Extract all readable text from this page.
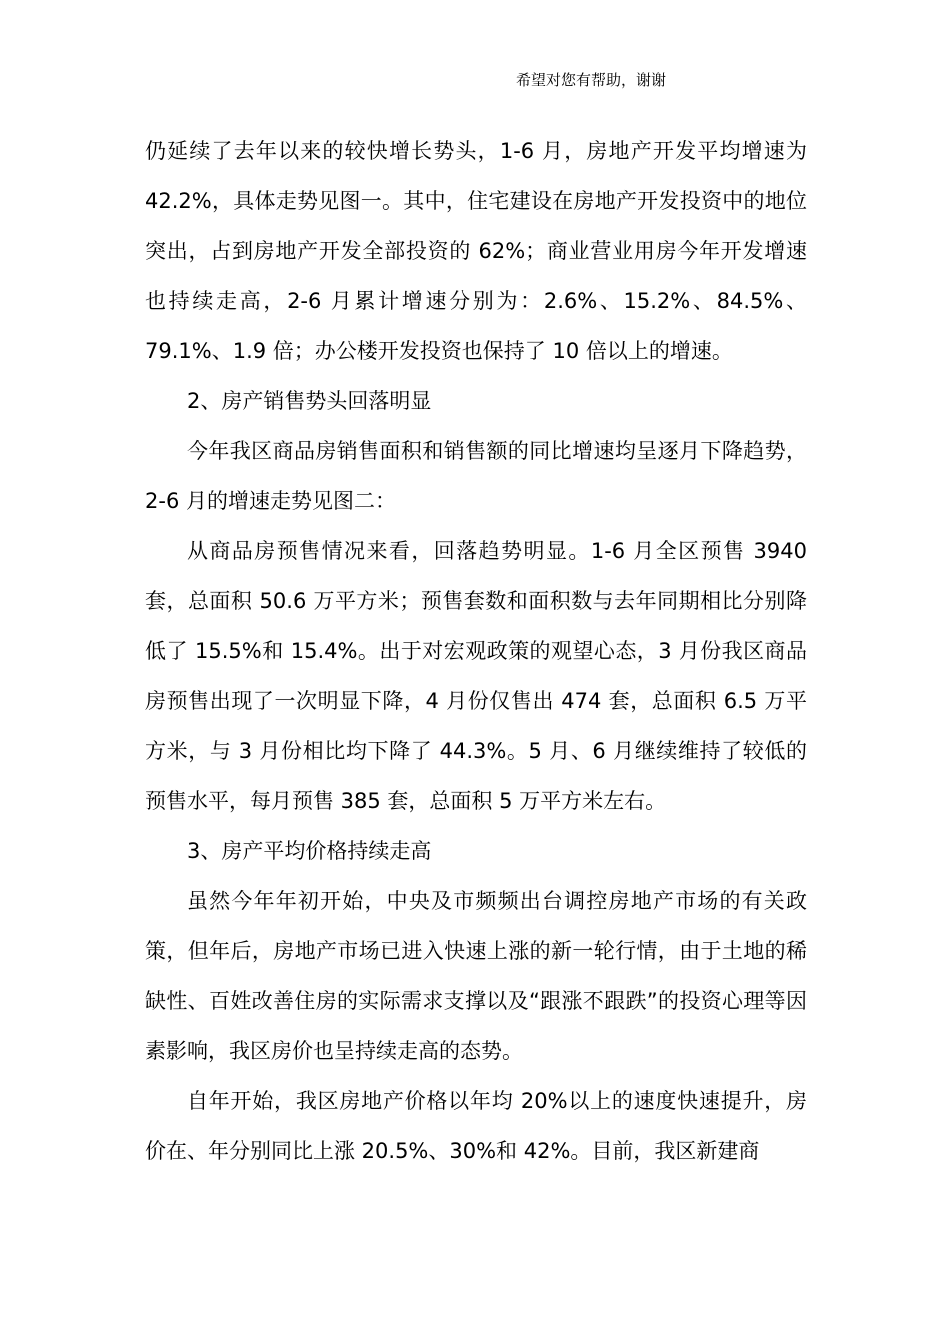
希望对您有帮助，谢谢

仍延续了去年以来的较快增长势头，1-6 月，房地产开发平均增速为 42.2%，具体走势见图一。其中，住宅建设在房地产开发投资中的地位突出，占到房地产开发全部投资的 62%；商业营业用房今年开发增速也持续走高，2-6 月累计增速分别为：2.6%、15.2%、84.5%、79.1%、1.9 倍；办公楼开发投资也保持了 10 倍以上的增速。

2、房产销售势头回落明显

今年我区商品房销售面积和销售额的同比增速均呈逐月下降趋势，2-6 月的增速走势见图二：

从商品房预售情况来看，回落趋势明显。1-6 月全区预售 3940 套，总面积 50.6 万平方米；预售套数和面积数与去年同期相比分别降低了 15.5%和 15.4%。出于对宏观政策的观望心态，3 月份我区商品房预售出现了一次明显下降，4 月份仅售出 474 套，总面积 6.5 万平方米，与 3 月份相比均下降了 44.3%。5 月、6 月继续维持了较低的预售水平，每月预售 385 套，总面积 5 万平方米左右。

3、房产平均价格持续走高

虽然今年年初开始，中央及市频频出台调控房地产市场的有关政策，但年后，房地产市场已进入快速上涨的新一轮行情，由于土地的稀缺性、百姓改善住房的实际需求支撑以及“跟涨不跟跌”的投资心理等因素影响，我区房价也呈持续走高的态势。

自年开始，我区房地产价格以年均 20%以上的速度快速提升，房价在、年分别同比上涨 20.5%、30%和 42%。目前，我区新建商
